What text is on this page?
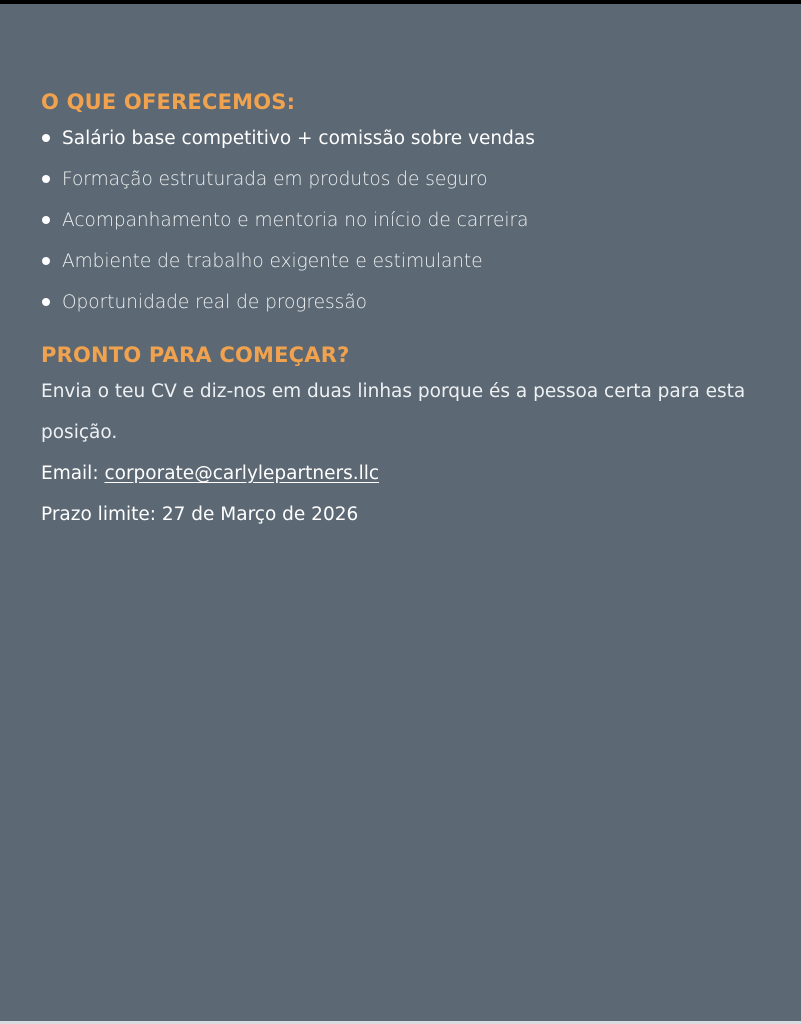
O QUE OFERECEMOS:
Salário base competitivo + comissão sobre vendas
Formação estruturada em produtos de seguro
Acompanhamento e mentoria no início de carreira
Ambiente de trabalho exigente e estimulante
Oportunidade real de progressão
PRONTO PARA COMEÇAR?

Envia o teu CV e diz-nos em duas linhas porque és a pessoa certa para esta posição.

Email: corporate@carlylepartners.llc

Prazo limite: 27 de Março de 2026
